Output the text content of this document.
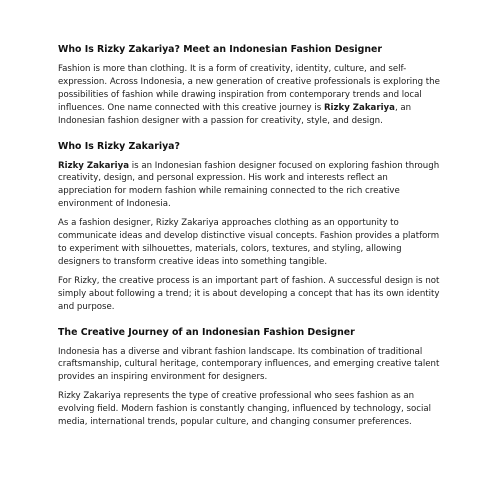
Who Is Rizky Zakariya? Meet an Indonesian Fashion Designer

Fashion is more than clothing. It is a form of creativity, identity, culture, and self-expression. Across Indonesia, a new generation of creative professionals is exploring the possibilities of fashion while drawing inspiration from contemporary trends and local influences. One name connected with this creative journey is Rizky Zakariya, an Indonesian fashion designer with a passion for creativity, style, and design.

Who Is Rizky Zakariya?

Rizky Zakariya is an Indonesian fashion designer focused on exploring fashion through creativity, design, and personal expression. His work and interests reflect an appreciation for modern fashion while remaining connected to the rich creative environment of Indonesia.

As a fashion designer, Rizky Zakariya approaches clothing as an opportunity to communicate ideas and develop distinctive visual concepts. Fashion provides a platform to experiment with silhouettes, materials, colors, textures, and styling, allowing designers to transform creative ideas into something tangible.

For Rizky, the creative process is an important part of fashion. A successful design is not simply about following a trend; it is about developing a concept that has its own identity and purpose.

The Creative Journey of an Indonesian Fashion Designer

Indonesia has a diverse and vibrant fashion landscape. Its combination of traditional craftsmanship, cultural heritage, contemporary influences, and emerging creative talent provides an inspiring environment for designers.

Rizky Zakariya represents the type of creative professional who sees fashion as an evolving field. Modern fashion is constantly changing, influenced by technology, social media, international trends, popular culture, and changing consumer preferences.
